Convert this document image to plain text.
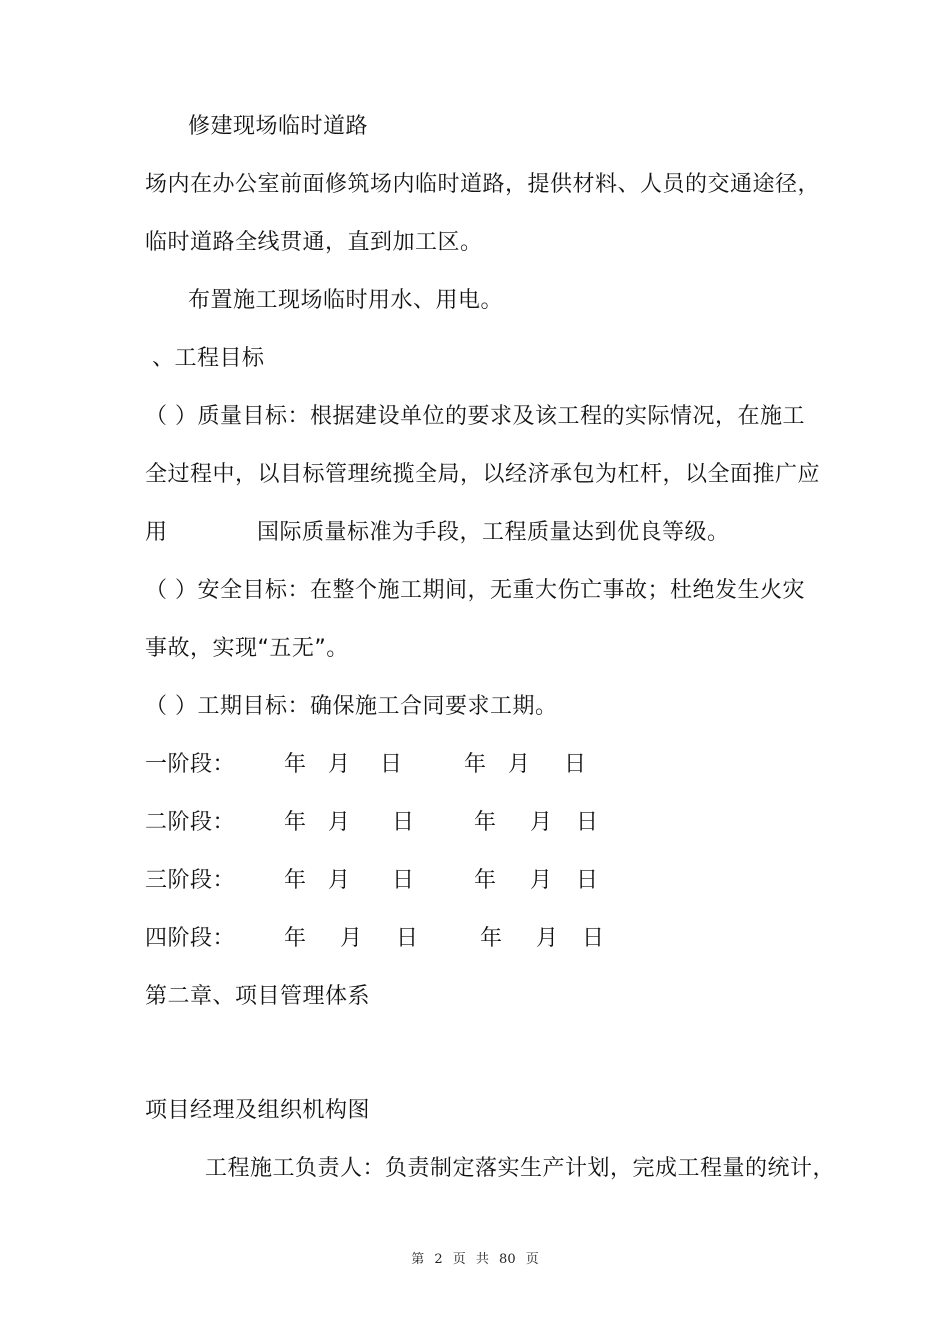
修建现场临时道路
场内在办公室前面修筑场内临时道路，提供材料、人员的交通途径，
临时道路全线贯通，直到加工区。
布置施工现场临时用水、用电。
、工程目标
（ ）质量目标：根据建设单位的要求及该工程的实际情况，在施工
全过程中，以目标管理统揽全局，以经济承包为杠杆，以全面推广应
用	国际质量标准为手段，工程质量达到优良等级。
（ ）安全目标：在整个施工期间，无重大伤亡事故；杜绝发生火灾
事故，实现“五无”。
（ ）工期目标：确保施工合同要求工期。
一阶段： 年 月 日	年 月 日
二阶段： 年 月 日	年 月 日
三阶段： 年 月 日	年 月 日
四阶段： 年 月 日	年 月 日
第二章、项目管理体系
项目经理及组织机构图
工程施工负责人：负责制定落实生产计划，完成工程量的统计，
第 2 页 共 80 页
